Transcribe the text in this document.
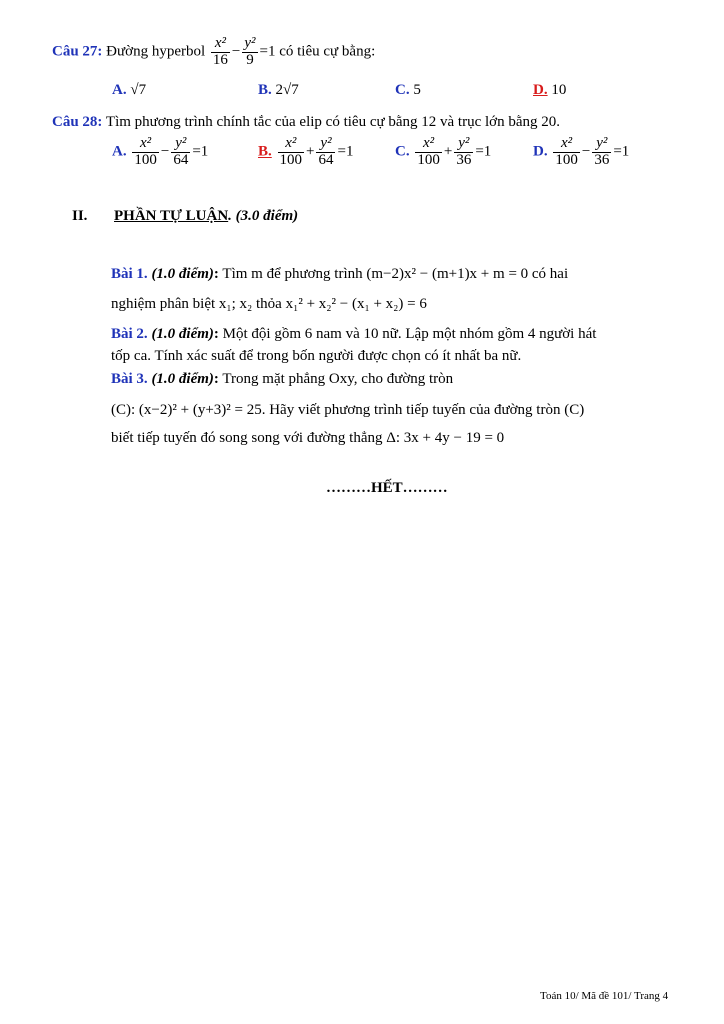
Câu 27: Đường hyperbol $\frac{\text{x²}}{16} - \frac{\text{y²}}{9} =1$ có tiêu cự bằng:
A. √7	B. 2√7	C. 5	D. 10
Câu 28: Tìm phương trình chính tắc của elip có tiêu cự bằng 12 và trục lớn bằng 20.
A. $\frac{\text{x²}}{100} - \frac{\text{y²}}{64} =1$	B. $\frac{\text{x²}}{100} + \frac{\text{y²}}{64} =1$	C. $\frac{\text{x²}}{100} + \frac{\text{y²}}{36} =1$	D. $\frac{\text{x²}}{100} - \frac{\text{y²}}{36} =1$
II. PHẦN TỰ LUẬN. (3.0 điểm)
Bài 1. (1.0 điểm): Tìm m để phương trình (m−2)x² − (m+1)x + m = 0 có hai
nghiệm phân biệt x₁; x₂ thỏa x₁² + x₂² − (x₁ + x₂) = 6
Bài 2. (1.0 điểm): Một đội gồm 6 nam và 10 nữ. Lập một nhóm gồm 4 người hát
tốp ca. Tính xác suất để trong bốn người được chọn có ít nhất ba nữ.
Bài 3. (1.0 điểm): Trong mặt phẳng Oxy, cho đường tròn
(C): (x−2)² + (y+3)² = 25. Hãy viết phương trình tiếp tuyến của đường tròn (C)
biết tiếp tuyến đó song song với đường thẳng Δ: 3x + 4y − 19 = 0
………HẾT………
Toán 10/ Mã đề 101/ Trang 4
